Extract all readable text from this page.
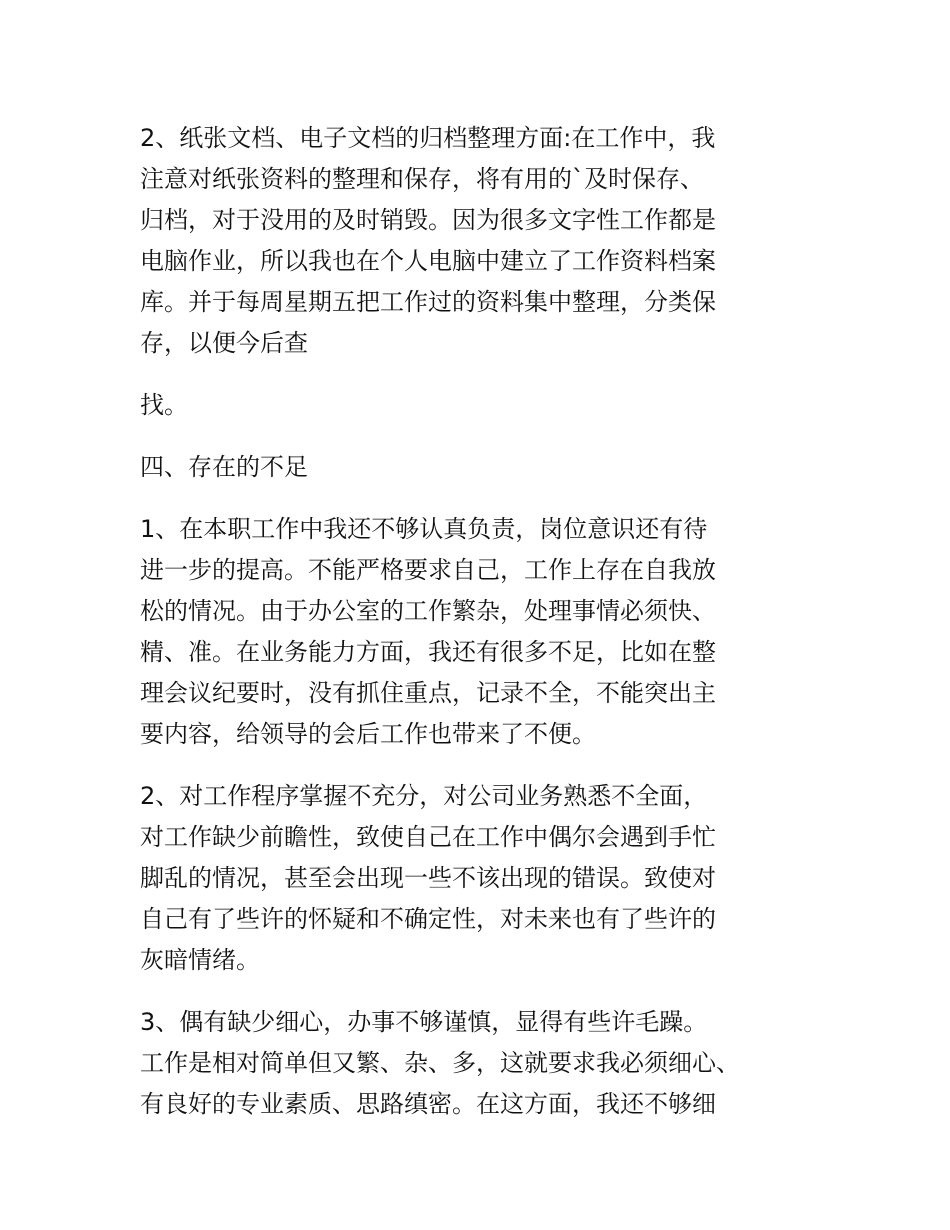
2、纸张文档、电子文档的归档整理方面:在工作中，我
注意对纸张资料的整理和保存，将有用的`及时保存、
归档，对于没用的及时销毁。因为很多文字性工作都是
电脑作业，所以我也在个人电脑中建立了工作资料档案
库。并于每周星期五把工作过的资料集中整理，分类保
存，以便今后查
找。
四、存在的不足
1、在本职工作中我还不够认真负责，岗位意识还有待
进一步的提高。不能严格要求自己，工作上存在自我放
松的情况。由于办公室的工作繁杂，处理事情必须快、
精、准。在业务能力方面，我还有很多不足，比如在整
理会议纪要时，没有抓住重点，记录不全，不能突出主
要内容，给领导的会后工作也带来了不便。
2、对工作程序掌握不充分，对公司业务熟悉不全面，
对工作缺少前瞻性，致使自己在工作中偶尔会遇到手忙
脚乱的情况，甚至会出现一些不该出现的错误。致使对
自己有了些许的怀疑和不确定性，对未来也有了些许的
灰暗情绪。
3、偶有缺少细心，办事不够谨慎，显得有些许毛躁。
工作是相对简单但又繁、杂、多，这就要求我必须细心、
有良好的专业素质、思路缜密。在这方面，我还不够细
